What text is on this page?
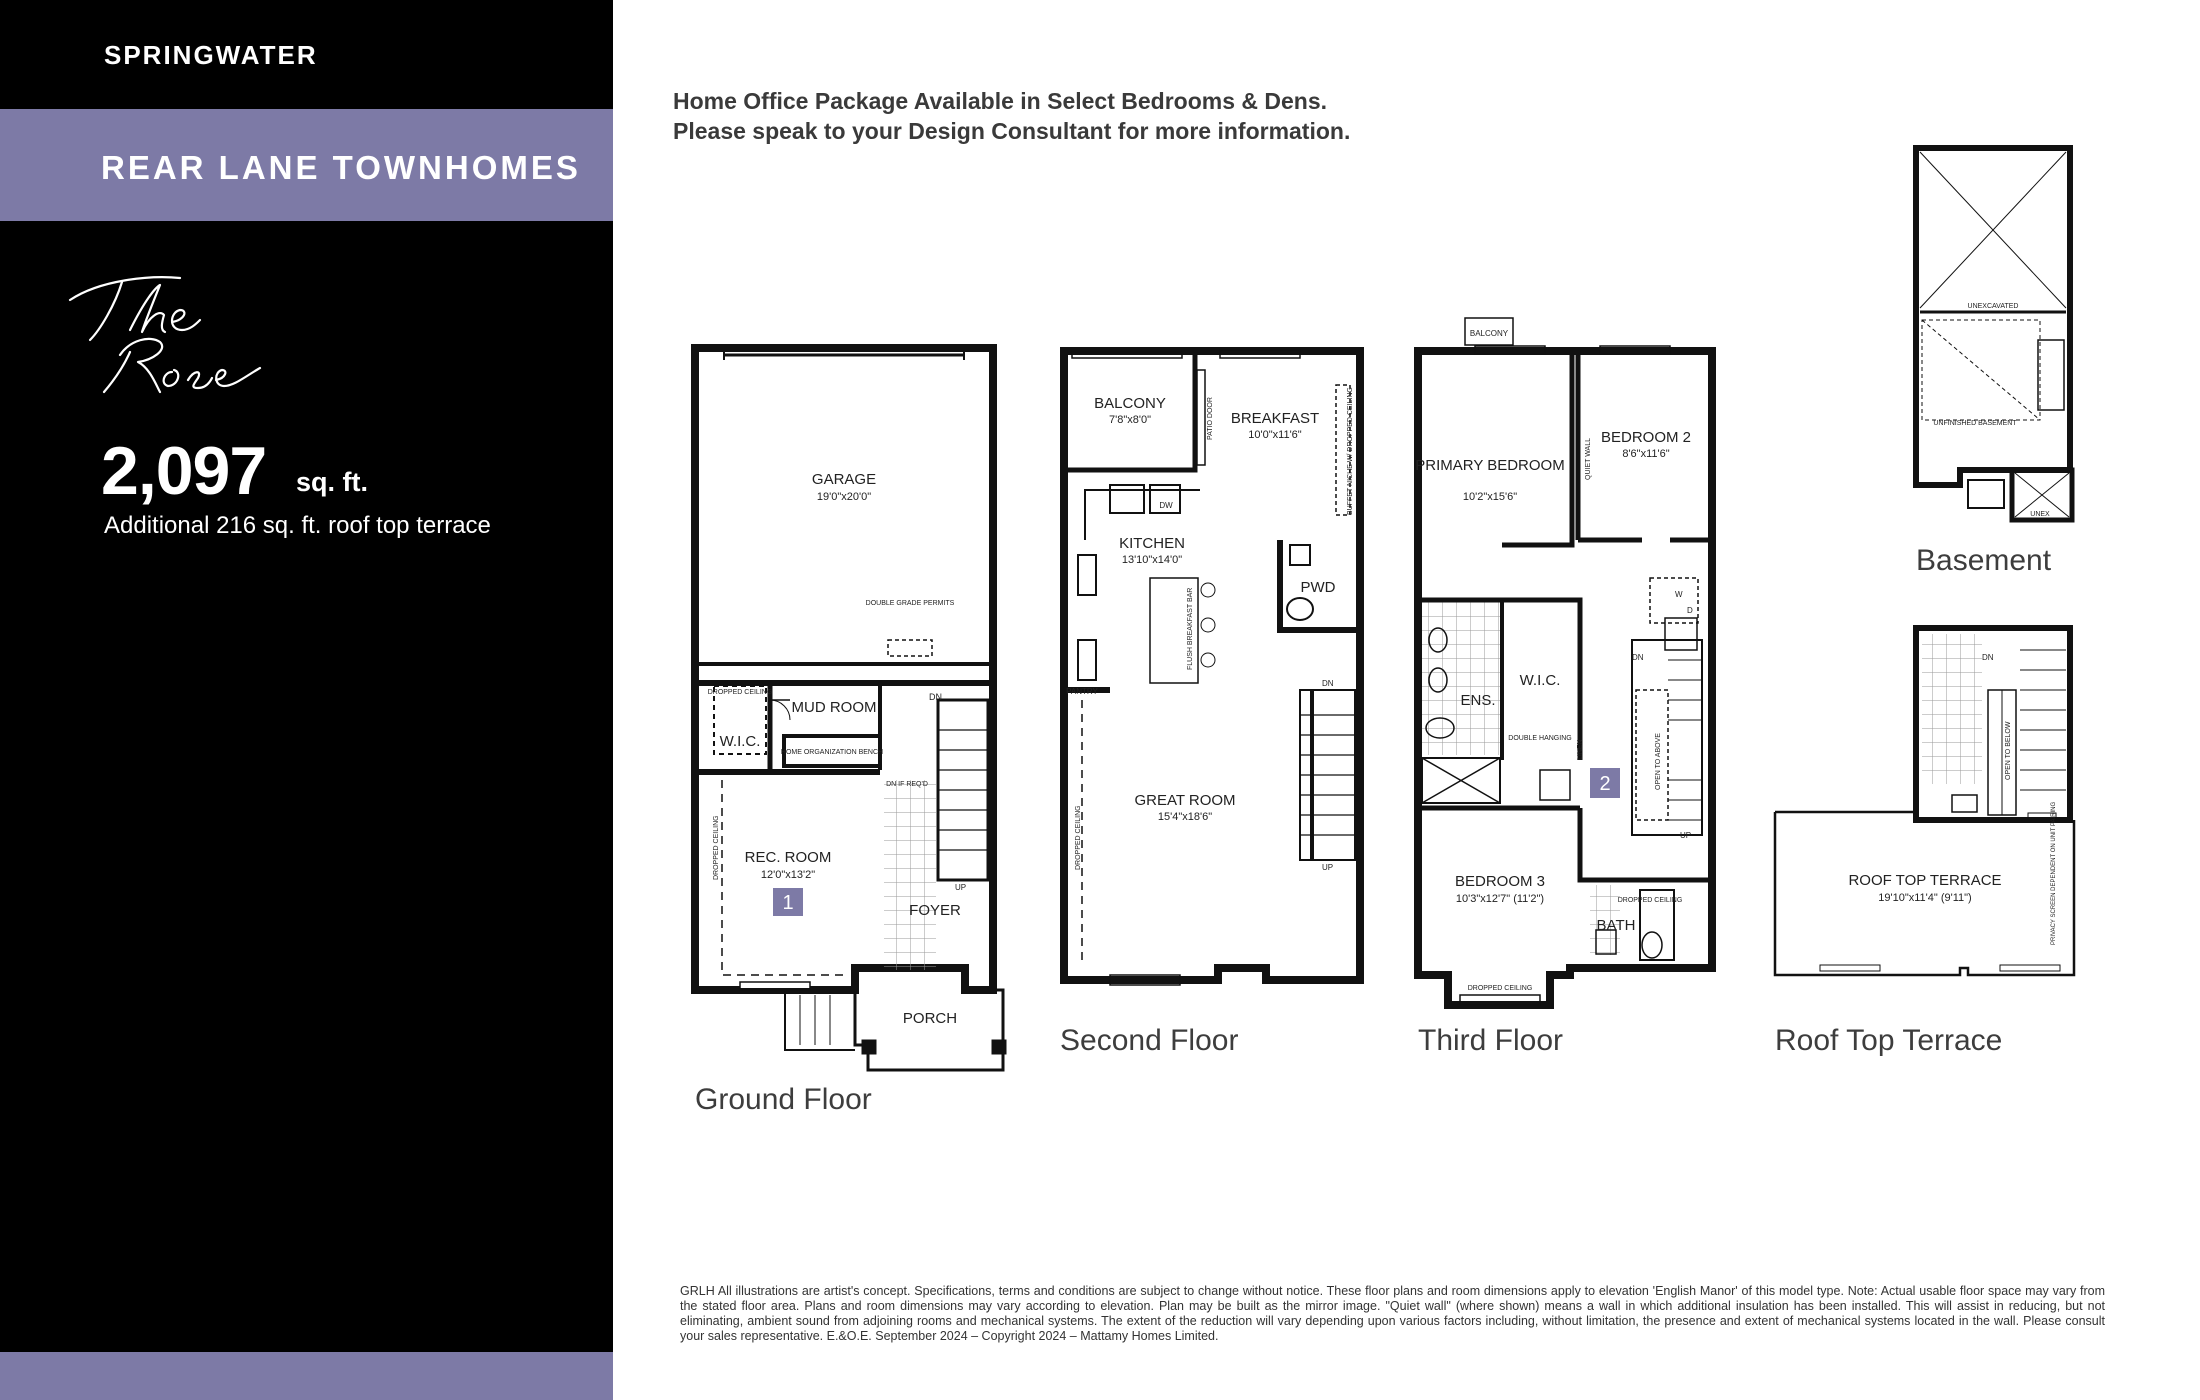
SPRINGWATER
REAR LANE TOWNHOMES
2,097 sq. ft.
Additional 216 sq. ft. roof top terrace
Home Office Package Available in Select Bedrooms & Dens.
Please speak to your Design Consultant for more information.
GARAGE
19'0"x20'0"
DOUBLE GRADE PERMITS
DROPPED CEILING
MUD ROOM
W.I.C.
HOME ORGANIZATION BENCH
DN IF REQ'D
DN
UP
REC. ROOM
12'0"x13'2"
1	FOYER
PORCH
DROPPED CEILING
BALCONY
7'8"x8'0"	BREAKFAST
10'0"x11'6"
PATIO DOOR	BUFFET NICHE W/ DROPPED CEILING
DW
KITCHEN
13'10"x14'0"
FLUSH BREAKFAST BAR
PANTRY
PWD
GREAT ROOM
15'4"x18'6"
DROPPED CEILING
DN
UP
BALCONY
PRIMARY BEDROOM
10'2"x15'6"
BEDROOM 2
8'6"x11'6"
QUIET WALL
ENS.
W.I.C.
DOUBLE HANGING
LINEN	OPEN TO ABOVE
BEDROOM 3
10'3"x12'7" (11'2")
BATH
DROPPED CEILING
DROPPED CEILING
DN
UP
W
D
2
UNEXCAVATED
UNFINISHED BASEMENT
UNEX
OPEN TO BELOW
ROOF TOP TERRACE
19'10"x11'4" (9'11")	PRIVACY SCREEN DEPENDENT ON UNIT PAIRING
DN
Ground Floor
Second Floor	Third Floor
Basement
Roof Top Terrace
GRLH All illustrations are artist's concept. Specifications, terms and conditions are subject to change without notice. These floor plans and room dimensions apply to elevation 'English Manor' of this model type. Note: Actual usable floor space may vary from the stated floor area. Plans and room dimensions may vary according to elevation. Plan may be built as the mirror image. "Quiet wall" (where shown) means a wall in which additional insulation has been installed. This will assist in reducing, but not eliminating, ambient sound from adjoining rooms and mechanical systems. The extent of the reduction will vary depending upon various factors including, without limitation, the presence and extent of mechanical systems located in the wall. Please consult your sales representative. E.&O.E. September 2024 – Copyright 2024 – Mattamy Homes Limited.
